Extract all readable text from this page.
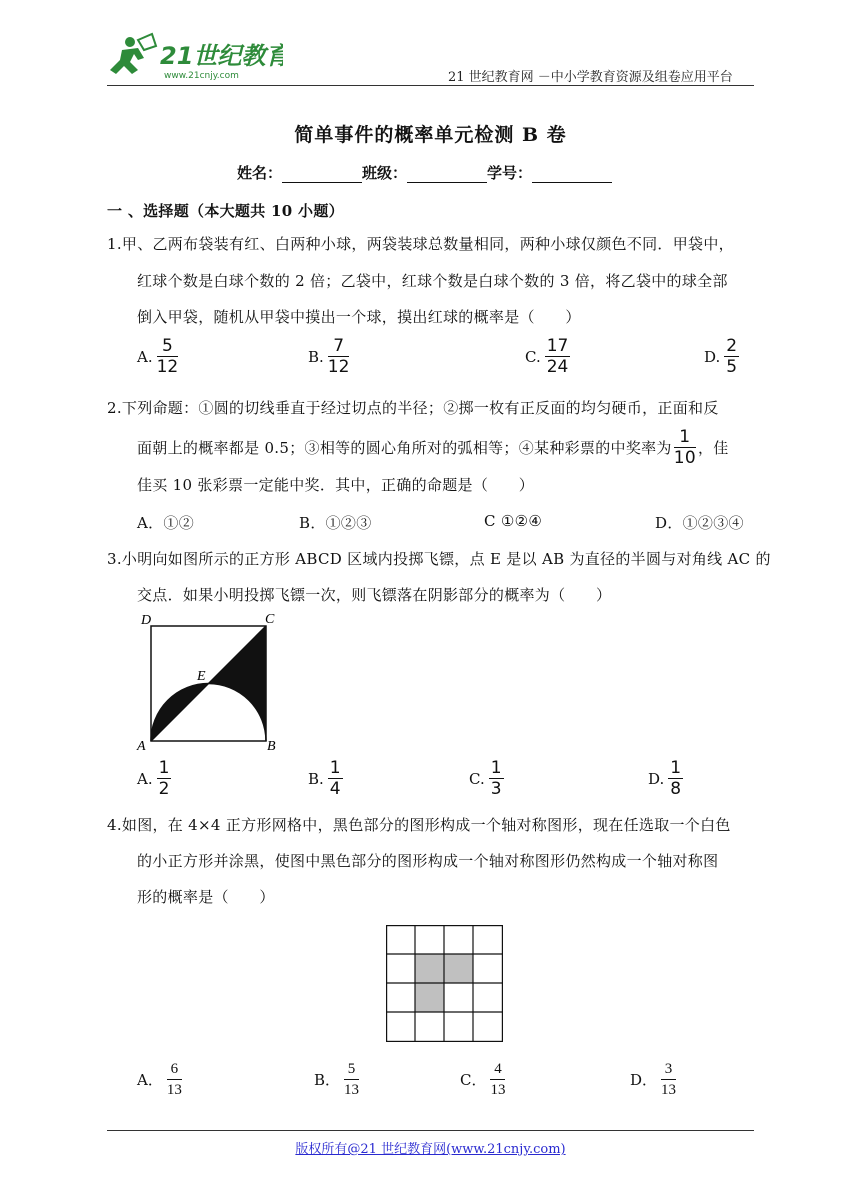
21世纪教育
www.21cnjy.com	21 世纪教育网 －中小学教育资源及组卷应用平台
简单事件的概率单元检测 B 卷
姓名：	班级：	学号：
一 、选择题（本大题共 10 小题）
1.甲、乙两布袋装有红、白两种小球，两袋装球总数量相同，两种小球仅颜色不同．甲袋中，
红球个数是白球个数的 2 倍；乙袋中，红球个数是白球个数的 3 倍，将乙袋中的球全部
倒入甲袋，随机从甲袋中摸出一个球，摸出红球的概率是（　　）
A. $\frac{5}{12}$	B. $\frac{7}{12}$	C. $\frac{17}{24}$	D. $\frac{2}{5}$
2.下列命题：①圆的切线垂直于经过切点的半径；②掷一枚有正反面的均匀硬币，正面和反
面朝上的概率都是 0.5；③相等的圆心角所对的弧相等；④某种彩票的中奖率为 $\frac{1}{10}$ ，佳
佳买 10 张彩票一定能中奖．其中，正确的命题是（　　）
A．①②	B．①②③	C ①②④	D．①②③④
3.小明向如图所示的正方形 ABCD 区域内投掷飞镖，点 E 是以 AB 为直径的半圆与对角线 AC 的
交点．如果小明投掷飞镖一次，则飞镖落在阴影部分的概率为（　　）
D	C
E
A	B
A. $\frac{1}{2}$	B. $\frac{1}{4}$	C. $\frac{1}{3}$	D. $\frac{1}{8}$
4.如图，在 4×4 正方形网格中，黑色部分的图形构成一个轴对称图形，现在任选取一个白色
的小正方形并涂黑，使图中黑色部分的图形构成一个轴对称图形仍然构成一个轴对称图
形的概率是（　　）
A． $\frac{6}{13}$	B． $\frac{5}{13}$	C． $\frac{4}{13}$	D． $\frac{3}{13}$
版权所有@21 世纪教育网(www.21cnjy.com)
